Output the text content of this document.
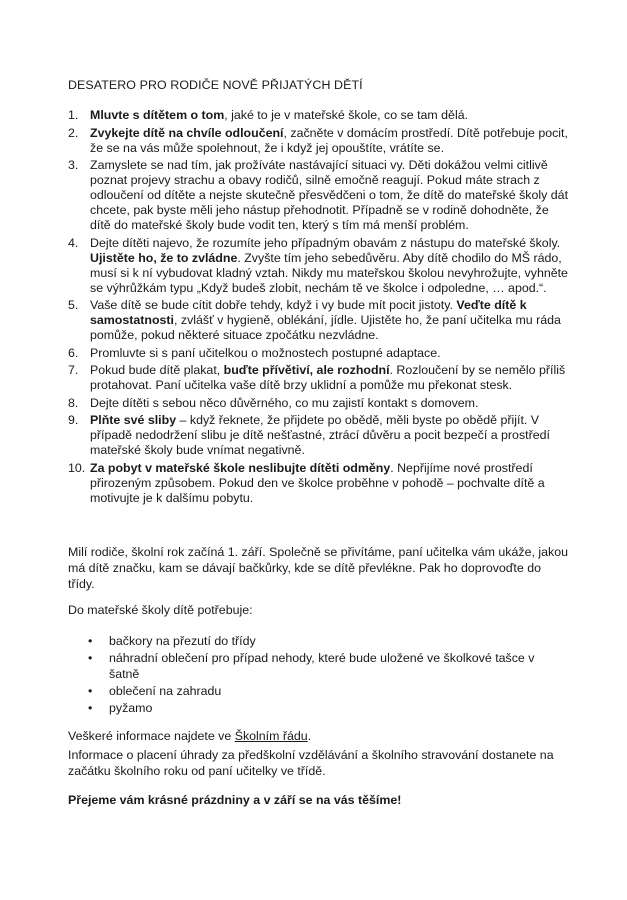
DESATERO PRO RODIČE NOVĚ PŘIJATÝCH DĚTÍ
1. Mluvte s dítětem o tom, jaké to je v mateřské škole, co se tam dělá.
2. Zvykejte dítě na chvíle odloučení, začněte v domácím prostředí. Dítě potřebuje pocit, že se na vás může spolehnout, že i když jej opouštíte, vrátíte se.
3. Zamyslete se nad tím, jak prožíváte nastávající situaci vy. Děti dokážou velmi citlivě poznat projevy strachu a obavy rodičů, silně emočně reagují. Pokud máte strach z odloučení od dítěte a nejste skutečně přesvědčeni o tom, že dítě do mateřské školy dát chcete, pak byste měli jeho nástup přehodnotit. Případně se v rodině dohodněte, že dítě do mateřské školy bude vodit ten, který s tím má menší problém.
4. Dejte dítěti najevo, že rozumíte jeho případným obavám z nástupu do mateřské školy. Ujistěte ho, že to zvládne. Zvyšte tím jeho sebedůvěru. Aby dítě chodilo do MŠ rádo, musí si k ní vybudovat kladný vztah. Nikdy mu mateřskou školou nevyhrožujte, vyhněte se výhrůžkám typu „Když budeš zlobit, nechám tě ve školce i odpoledne, … apod.“.
5. Vaše dítě se bude cítit dobře tehdy, když i vy bude mít pocit jistoty. Veďte dítě k samostatnosti, zvlášť v hygieně, oblékání, jídle. Ujistěte ho, že paní učitelka mu ráda pomůže, pokud některé situace zpočátku nezvládne.
6. Promluvte si s paní učitelkou o možnostech postupné adaptace.
7. Pokud bude dítě plakat, buďte přívětiví, ale rozhodní. Rozloučení by se nemělo příliš protahovat. Paní učitelka vaše dítě brzy uklidní a pomůže mu překonat stesk.
8. Dejte dítěti s sebou něco důvěrného, co mu zajistí kontakt s domovem.
9. Plňte své sliby – když řeknete, že přijdete po obědě, měli byste po obědě přijít. V případě nedodržení slibu je dítě nešťastné, ztrácí důvěru a pocit bezpečí a prostředí mateřské školy bude vnímat negativně.
10. Za pobyt v mateřské škole neslibujte dítěti odměny. Nepřijíme nové prostředí přirozeným způsobem. Pokud den ve školce proběhne v pohodě – pochvalte dítě a motivujte je k dalšímu pobytu.

Milí rodiče, školní rok začíná 1. září. Společně se přivítáme, paní učitelka vám ukáže, jakou má dítě značku, kam se dávají bačkůrky, kde se dítě převlékne. Pak ho doprovoďte do třídy.

Do mateřské školy dítě potřebuje:

• bačkory na přezutí do třídy
• náhradní oblečení pro případ nehody, které bude uložené ve školkové tašce v šatně
• oblečení na zahradu
• pyžamo

Veškeré informace najdete ve Školním řádu.

Informace o placení úhrady za předškolní vzdělávání a školního stravování dostanete na začátku školního roku od paní učitelky ve třídě.

Přejeme vám krásné prázdniny a v září se na vás těšíme!
